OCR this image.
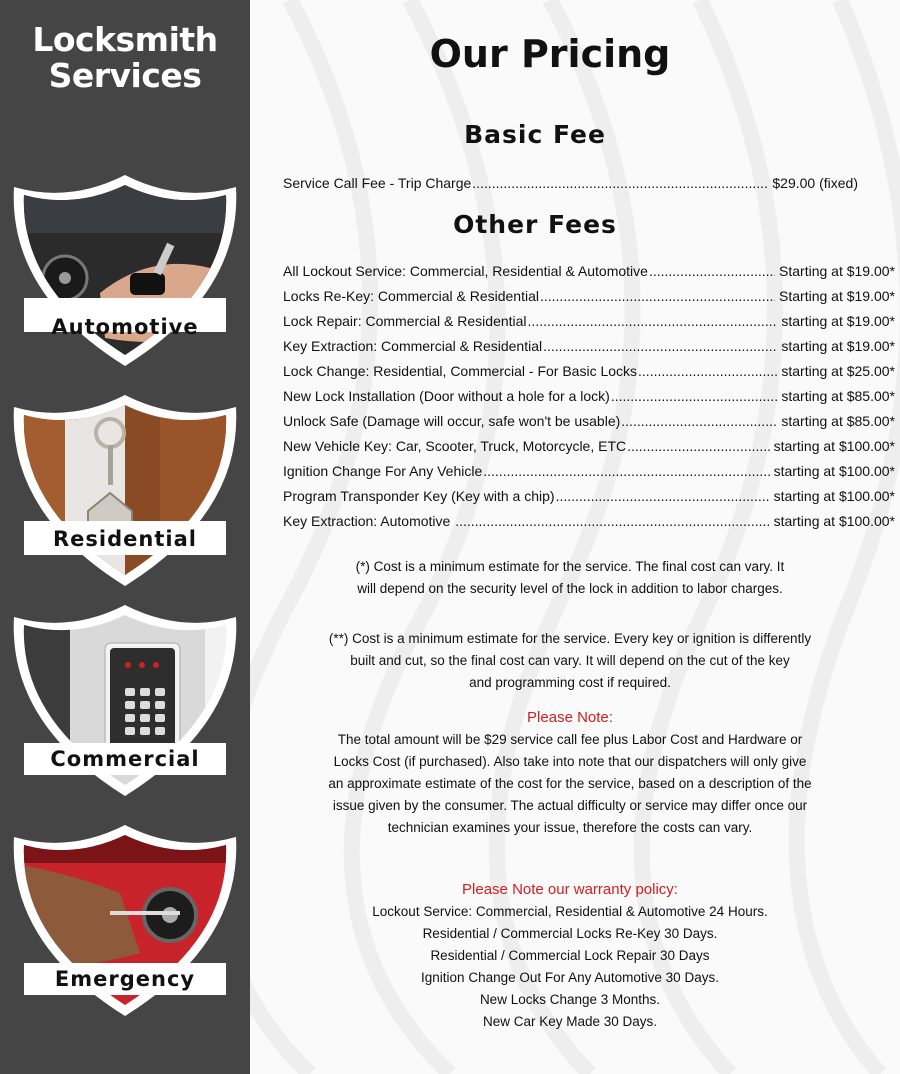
Locksmith
Services
Automotive
Residential
Commercial
Emergency
Our Pricing
Basic Fee
Service Call Fee - Trip Charge .....	$29.00 (fixed)
Other Fees
All Lockout Service: Commercial, Residential & Automotive .....	Starting at $19.00*
Locks Re-Key: Commercial & Residential .....	Starting at $19.00*
Lock Repair: Commercial & Residential .....	starting at $19.00*
Key Extraction: Commercial & Residential .....	starting at $19.00*
Lock Change: Residential, Commercial - For Basic Locks .....	starting at $25.00*
New Lock Installation (Door without a hole for a lock) .....	starting at $85.00*
Unlock Safe (Damage will occur, safe won't be usable) .....	starting at $85.00*
New Vehicle Key: Car, Scooter, Truck, Motorcycle, ETC .....	starting at $100.00*
Ignition Change For Any Vehicle .....	starting at $100.00*
Program Transponder Key (Key with a chip) .....	starting at $100.00*
Key Extraction: Automotive .....	starting at $100.00*
(*) Cost is a minimum estimate for the service. The final cost can vary. It
will depend on the security level of the lock in addition to labor charges.
(**) Cost is a minimum estimate for the service. Every key or ignition is differently
built and cut, so the final cost can vary. It will depend on the cut of the key
and programming cost if required.
Please Note:
The total amount will be $29 service call fee plus Labor Cost and Hardware or
Locks Cost (if purchased). Also take into note that our dispatchers will only give
an approximate estimate of the cost for the service, based on a description of the
issue given by the consumer. The actual difficulty or service may differ once our
technician examines your issue, therefore the costs can vary.
Please Note our warranty policy:
Lockout Service: Commercial, Residential & Automotive 24 Hours.
Residential / Commercial Locks Re-Key 30 Days.
Residential / Commercial Lock Repair 30 Days
Ignition Change Out For Any Automotive 30 Days.
New Locks Change 3 Months.
New Car Key Made 30 Days.
